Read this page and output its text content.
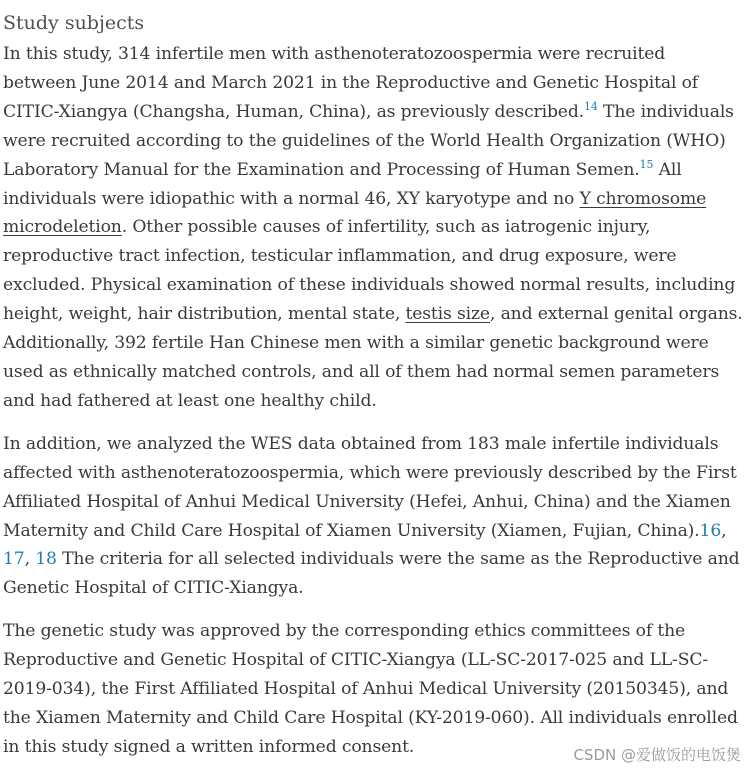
Study subjects

In this study, 314 infertile men with asthenoteratozoospermia were recruited between June 2014 and March 2021 in the Reproductive and Genetic Hospital of CITIC-Xiangya (Changsha, Human, China), as previously described.$^{14}$ The individuals were recruited according to the guidelines of the World Health Organization (WHO) Laboratory Manual for the Examination and Processing of Human Semen.$^{15}$ All individuals were idiopathic with a normal 46, XY karyotype and no Y chromosome microdeletion. Other possible causes of infertility, such as iatrogenic injury, reproductive tract infection, testicular inflammation, and drug exposure, were excluded. Physical examination of these individuals showed normal results, including height, weight, hair distribution, mental state, testis size, and external genital organs. Additionally, 392 fertile Han Chinese men with a similar genetic background were used as ethnically matched controls, and all of them had normal semen parameters and had fathered at least one healthy child.

In addition, we analyzed the WES data obtained from 183 male infertile individuals affected with asthenoteratozoospermia, which were previously described by the First Affiliated Hospital of Anhui Medical University (Hefei, Anhui, China) and the Xiamen Maternity and Child Care Hospital of Xiamen University (Xiamen, Fujian, China).16, 17, 18 The criteria for all selected individuals were the same as the Reproductive and Genetic Hospital of CITIC-Xiangya.

The genetic study was approved by the corresponding ethics committees of the Reproductive and Genetic Hospital of CITIC-Xiangya (LL-SC-2017-025 and LL-SC-2019-034), the First Affiliated Hospital of Anhui Medical University (20150345), and the Xiamen Maternity and Child Care Hospital (KY-2019-060). All individuals enrolled in this study signed a written informed consent.	CSDN @爱做饭的电饭煲
